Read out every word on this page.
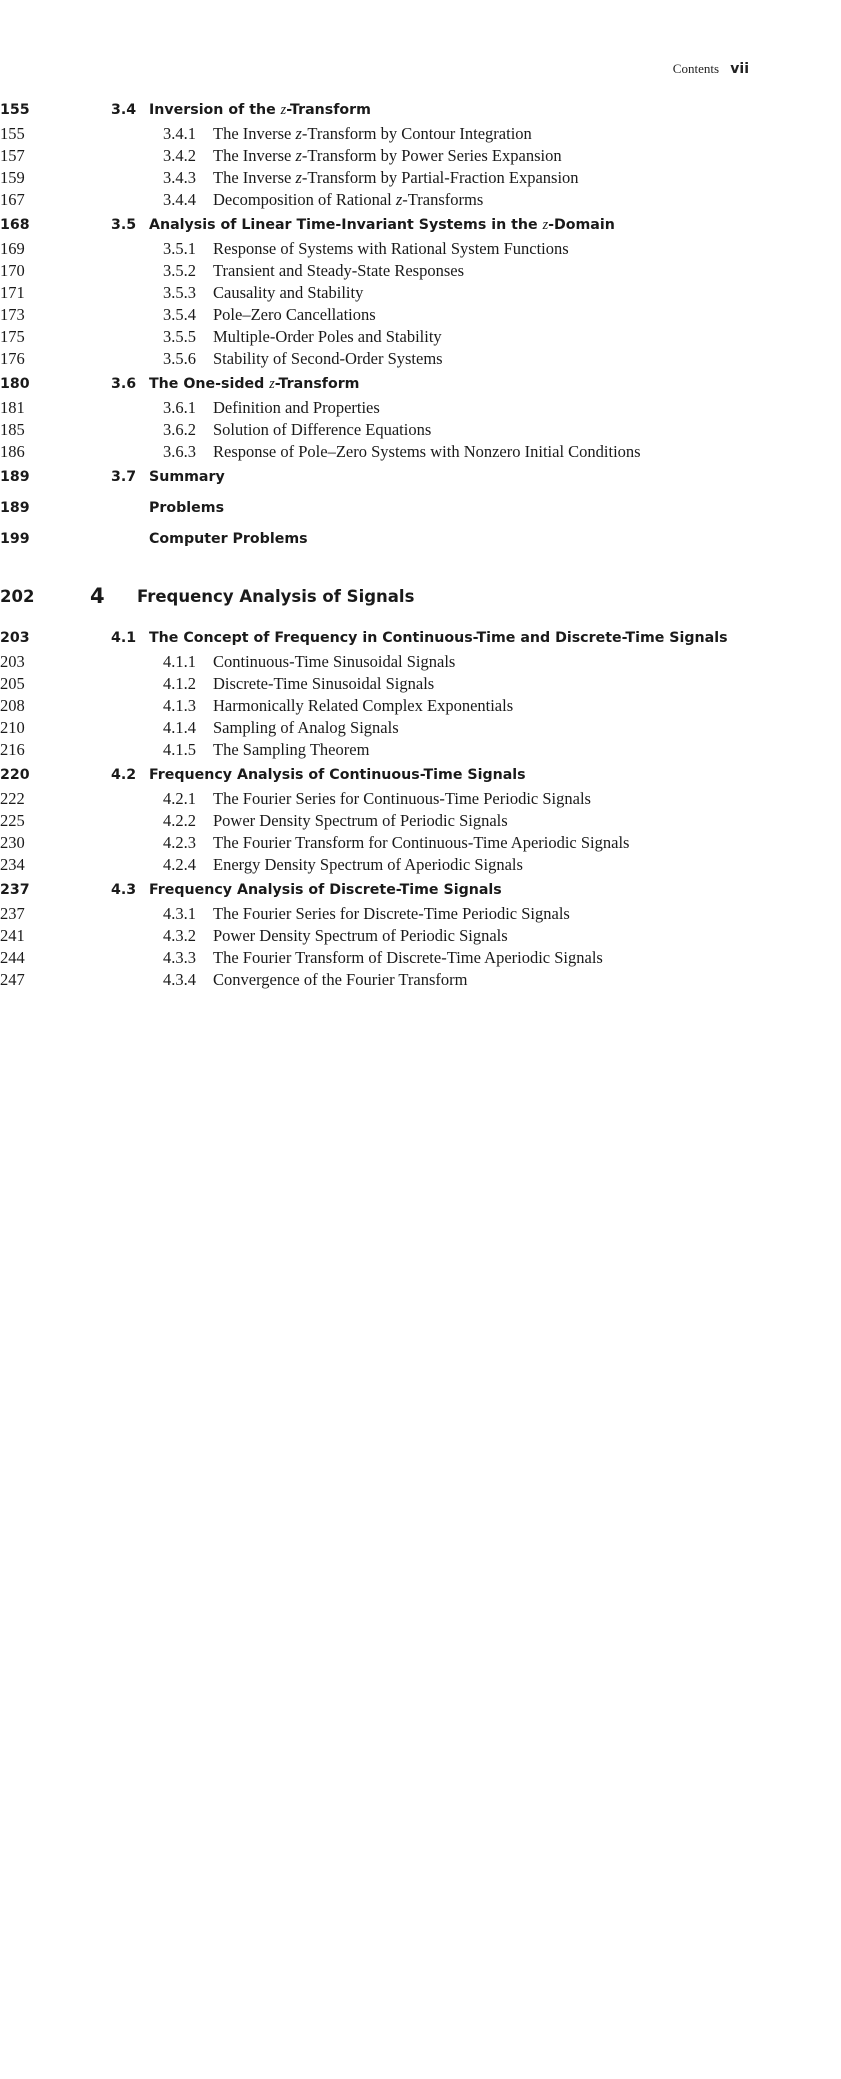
Contents vii
3.4 Inversion of the z-Transform
155
3.4.1 The Inverse z-Transform by Contour Integration
155
3.4.2 The Inverse z-Transform by Power Series Expansion
157
3.4.3 The Inverse z-Transform by Partial-Fraction Expansion
159
3.4.4 Decomposition of Rational z-Transforms
167
3.5 Analysis of Linear Time-Invariant Systems in the z-Domain
168
3.5.1 Response of Systems with Rational System Functions
169
3.5.2 Transient and Steady-State Responses
170
3.5.3 Causality and Stability
171
3.5.4 Pole–Zero Cancellations
173
3.5.5 Multiple-Order Poles and Stability
175
3.5.6 Stability of Second-Order Systems
176
3.6 The One-sided z-Transform
180
3.6.1 Definition and Properties
181
3.6.2 Solution of Difference Equations
185
3.6.3 Response of Pole–Zero Systems with Nonzero Initial Conditions
186
3.7 Summary
189
Problems
189
Computer Problems
199
4 Frequency Analysis of Signals
202
4.1 The Concept of Frequency in Continuous-Time and Discrete-Time Signals
203
4.1.1 Continuous-Time Sinusoidal Signals
203
4.1.2 Discrete-Time Sinusoidal Signals
205
4.1.3 Harmonically Related Complex Exponentials
208
4.1.4 Sampling of Analog Signals
210
4.1.5 The Sampling Theorem
216
4.2 Frequency Analysis of Continuous-Time Signals
220
4.2.1 The Fourier Series for Continuous-Time Periodic Signals
222
4.2.2 Power Density Spectrum of Periodic Signals
225
4.2.3 The Fourier Transform for Continuous-Time Aperiodic Signals
230
4.2.4 Energy Density Spectrum of Aperiodic Signals
234
4.3 Frequency Analysis of Discrete-Time Signals
237
4.3.1 The Fourier Series for Discrete-Time Periodic Signals
237
4.3.2 Power Density Spectrum of Periodic Signals
241
4.3.3 The Fourier Transform of Discrete-Time Aperiodic Signals
244
4.3.4 Convergence of the Fourier Transform
247
